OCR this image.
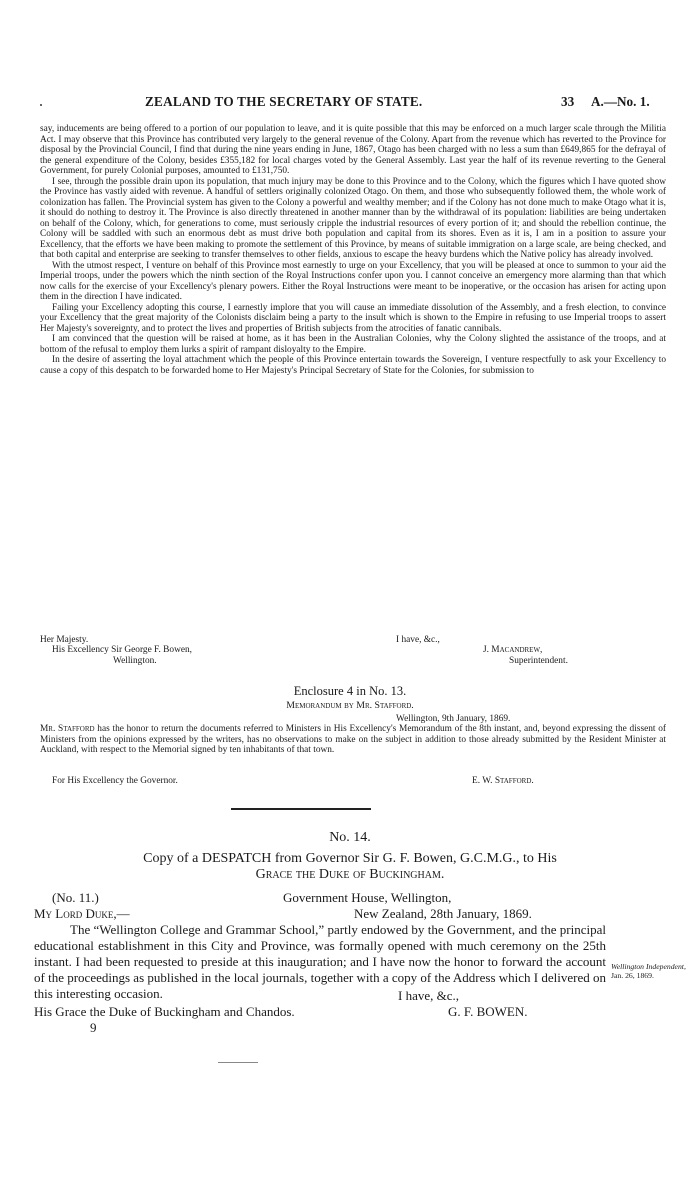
ZEALAND TO THE SECRETARY OF STATE.	33 A.—No. 1.

say, inducements are being offered to a portion of our population to leave, and it is quite possible that this may be enforced on a much larger scale through the Militia Act. I may observe that this Province has contributed very largely to the general revenue of the Colony. Apart from the revenue which has reverted to the Province for disposal by the Provincial Council, I find that during the nine years ending in June, 1867, Otago has been charged with no less a sum than £649,865 for the defrayal of the general expenditure of the Colony, besides £355,182 for local charges voted by the General Assembly. Last year the half of its revenue reverting to the General Government, for purely Colonial purposes, amounted to £131,750.

I see, through the possible drain upon its population, that much injury may be done to this Province and to the Colony, which the figures which I have quoted show the Province has vastly aided with revenue. A handful of settlers originally colonized Otago. On them, and those who subsequently followed them, the whole work of colonization has fallen. The Provincial system has given to the Colony a powerful and wealthy member; and if the Colony has not done much to make Otago what it is, it should do nothing to destroy it. The Province is also directly threatened in another manner than by the withdrawal of its population: liabilities are being undertaken on behalf of the Colony, which, for generations to come, must seriously cripple the industrial resources of every portion of it; and should the rebellion continue, the Colony will be saddled with such an enormous debt as must drive both population and capital from its shores. Even as it is, I am in a position to assure your Excellency, that the efforts we have been making to promote the settlement of this Province, by means of suitable immigration on a large scale, are being checked, and that both capital and enterprise are seeking to transfer themselves to other fields, anxious to escape the heavy burdens which the Native policy has already involved.

With the utmost respect, I venture on behalf of this Province most earnestly to urge on your Excellency, that you will be pleased at once to summon to your aid the Imperial troops, under the powers which the ninth section of the Royal Instructions confer upon you. I cannot conceive an emergency more alarming than that which now calls for the exercise of your Excellency's plenary powers. Either the Royal Instructions were meant to be inoperative, or the occasion has arisen for acting upon them in the direction I have indicated.

Failing your Excellency adopting this course, I earnestly implore that you will cause an immediate dissolution of the Assembly, and a fresh election, to convince your Excellency that the great majority of the Colonists disclaim being a party to the insult which is shown to the Empire in refusing to use Imperial troops to assert Her Majesty's sovereignty, and to protect the lives and properties of British subjects from the atrocities of fanatic cannibals.

I am convinced that the question will be raised at home, as it has been in the Australian Colonies, why the Colony slighted the assistance of the troops, and at bottom of the refusal to employ them lurks a spirit of rampant disloyalty to the Empire.

In the desire of asserting the loyal attachment which the people of this Province entertain towards the Sovereign, I venture respectfully to ask your Excellency to cause a copy of this despatch to be forwarded home to Her Majesty's Principal Secretary of State for the Colonies, for submission to

Her Majesty.	I have, &c.,
His Excellency Sir George F. Bowen,	J. Macandrew,
Wellington.	Superintendent.
Enclosure 4 in No. 13.
Memorandum by Mr. Stafford.
Wellington, 9th January, 1869.

Mr. Stafford has the honor to return the documents referred to Ministers in His Excellency's Memorandum of the 8th instant, and, beyond expressing the dissent of Ministers from the opinions expressed by the writers, has no observations to make on the subject in addition to those already submitted by the Resident Minister at Auckland, with respect to the Memorial signed by ten inhabitants of that town.

For His Excellency the Governor.	E. W. Stafford.
No. 14.
Copy of a DESPATCH from Governor Sir G. F. Bowen, G.C.M.G., to His
Grace the Duke of Buckingham.
(No. 11.)	Government House, Wellington,
My Lord Duke,—	New Zealand, 28th January, 1869.

The “Wellington College and Grammar School,” partly endowed by the Government, and the principal educational establishment in this City and Province, was formally opened with much ceremony on the 25th instant. I had been requested to preside at this inauguration; and I have now the honor to forward the account of the proceedings as published in the local journals, together with a copy of the Address which I delivered on this interesting occasion.	I have, &c.,
His Grace the Duke of Buckingham and Chandos.	G. F. BOWEN.
9
Wellington Independent, Jan. 26, 1869.
